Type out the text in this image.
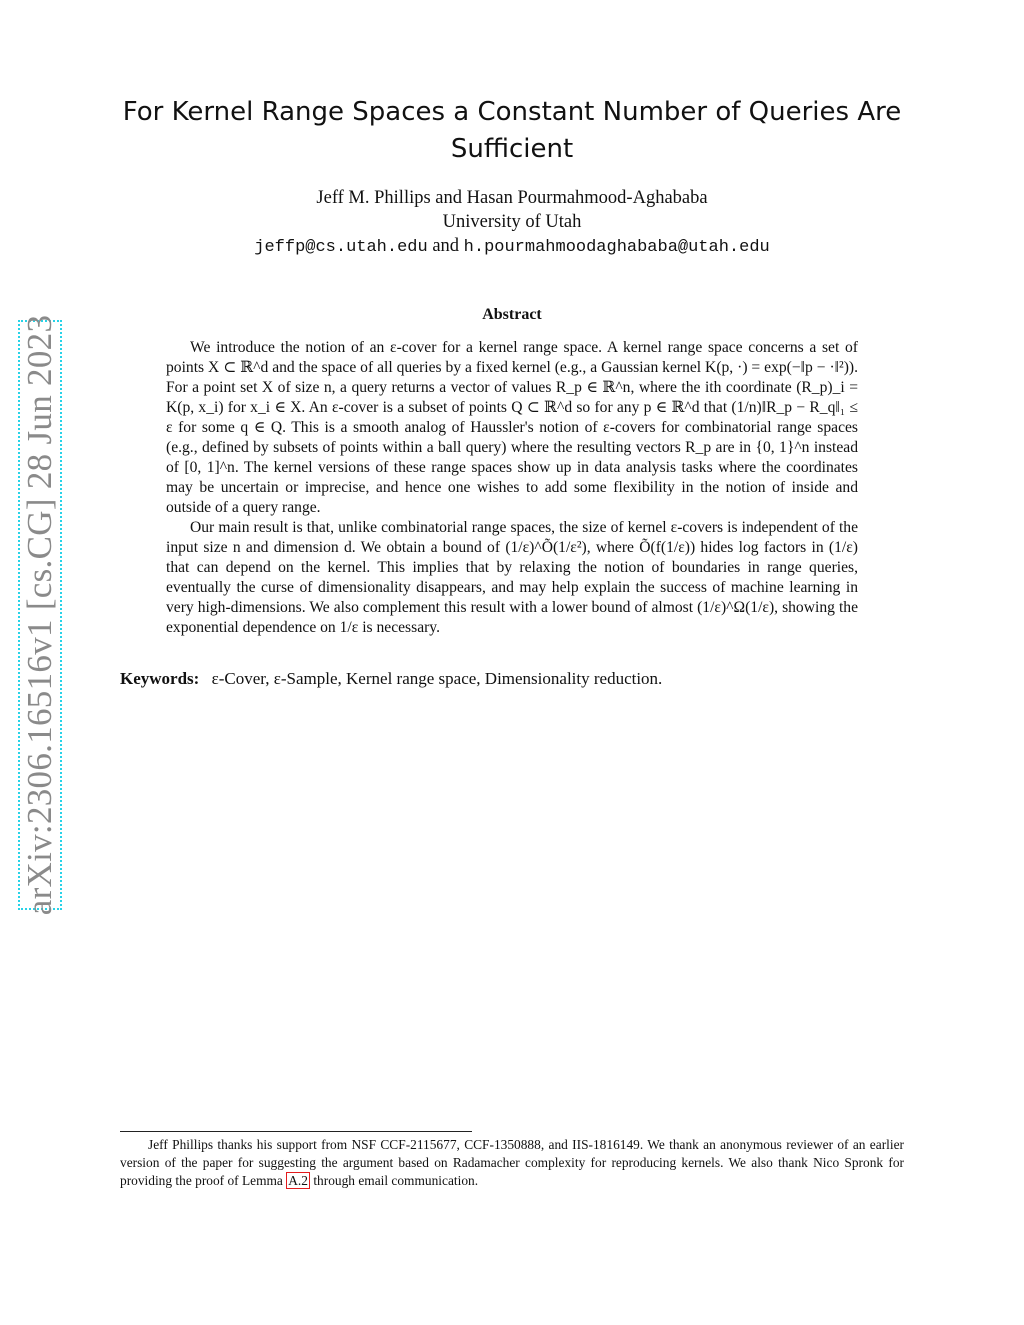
arXiv:2306.16516v1 [cs.CG] 28 Jun 2023
For Kernel Range Spaces a Constant Number of Queries Are Sufficient
Jeff M. Phillips and Hasan Pourmahmood-Aghababa
University of Utah
jeffp@cs.utah.edu and h.pourmahmoodaghababa@utah.edu
Abstract

We introduce the notion of an ε-cover for a kernel range space. A kernel range space concerns a set of points X ⊂ ℝ^d and the space of all queries by a fixed kernel (e.g., a Gaussian kernel K(p, ·) = exp(−‖p − ·‖²)). For a point set X of size n, a query returns a vector of values R_p ∈ ℝ^n, where the ith coordinate (R_p)_i = K(p, x_i) for x_i ∈ X. An ε-cover is a subset of points Q ⊂ ℝ^d so for any p ∈ ℝ^d that (1/n)‖R_p − R_q‖₁ ≤ ε for some q ∈ Q. This is a smooth analog of Haussler's notion of ε-covers for combinatorial range spaces (e.g., defined by subsets of points within a ball query) where the resulting vectors R_p are in {0, 1}^n instead of [0, 1]^n. The kernel versions of these range spaces show up in data analysis tasks where the coordinates may be uncertain or imprecise, and hence one wishes to add some flexibility in the notion of inside and outside of a query range.

Our main result is that, unlike combinatorial range spaces, the size of kernel ε-covers is independent of the input size n and dimension d. We obtain a bound of (1/ε)^Õ(1/ε²), where Õ(f(1/ε)) hides log factors in (1/ε) that can depend on the kernel. This implies that by relaxing the notion of boundaries in range queries, eventually the curse of dimensionality disappears, and may help explain the success of machine learning in very high-dimensions. We also complement this result with a lower bound of almost (1/ε)^Ω(1/ε), showing the exponential dependence on 1/ε is necessary.

Keywords: ε-Cover, ε-Sample, Kernel range space, Dimensionality reduction.

Jeff Phillips thanks his support from NSF CCF-2115677, CCF-1350888, and IIS-1816149. We thank an anonymous reviewer of an earlier version of the paper for suggesting the argument based on Radamacher complexity for reproducing kernels. We also thank Nico Spronk for providing the proof of Lemma A.2 through email communication.
